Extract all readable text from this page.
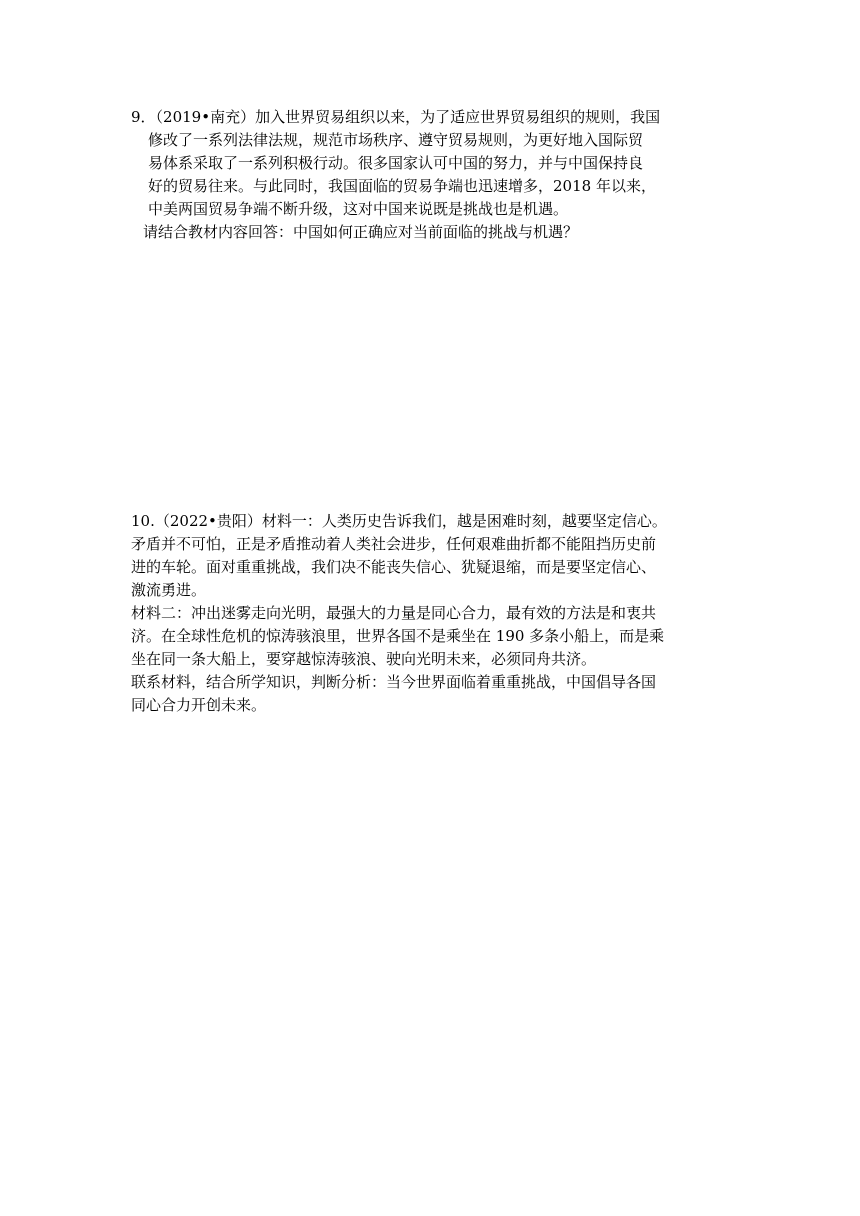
9．（2019•南充）加入世界贸易组织以来，为了适应世界贸易组织的规则，我国
修改了一系列法律法规，规范市场秩序、遵守贸易规则，为更好地入国际贸
易体系采取了一系列积极行动。很多国家认可中国的努力，并与中国保持良
好的贸易往来。与此同时，我国面临的贸易争端也迅速增多，2018 年以来，
中美两国贸易争端不断升级，这对中国来说既是挑战也是机遇。
请结合教材内容回答：中国如何正确应对当前面临的挑战与机遇？
10.（2022•贵阳）材料一：人类历史告诉我们，越是困难时刻，越要坚定信心。
矛盾并不可怕，正是矛盾推动着人类社会进步，任何艰难曲折都不能阻挡历史前
进的车轮。面对重重挑战，我们决不能丧失信心、犹疑退缩，而是要坚定信心、
激流勇进。
材料二：冲出迷雾走向光明，最强大的力量是同心合力，最有效的方法是和衷共
济。在全球性危机的惊涛骇浪里，世界各国不是乘坐在 190 多条小船上，而是乘
坐在同一条大船上，要穿越惊涛骇浪、驶向光明未来，必须同舟共济。
联系材料，结合所学知识，判断分析：当今世界面临着重重挑战，中国倡导各国
同心合力开创未来。
